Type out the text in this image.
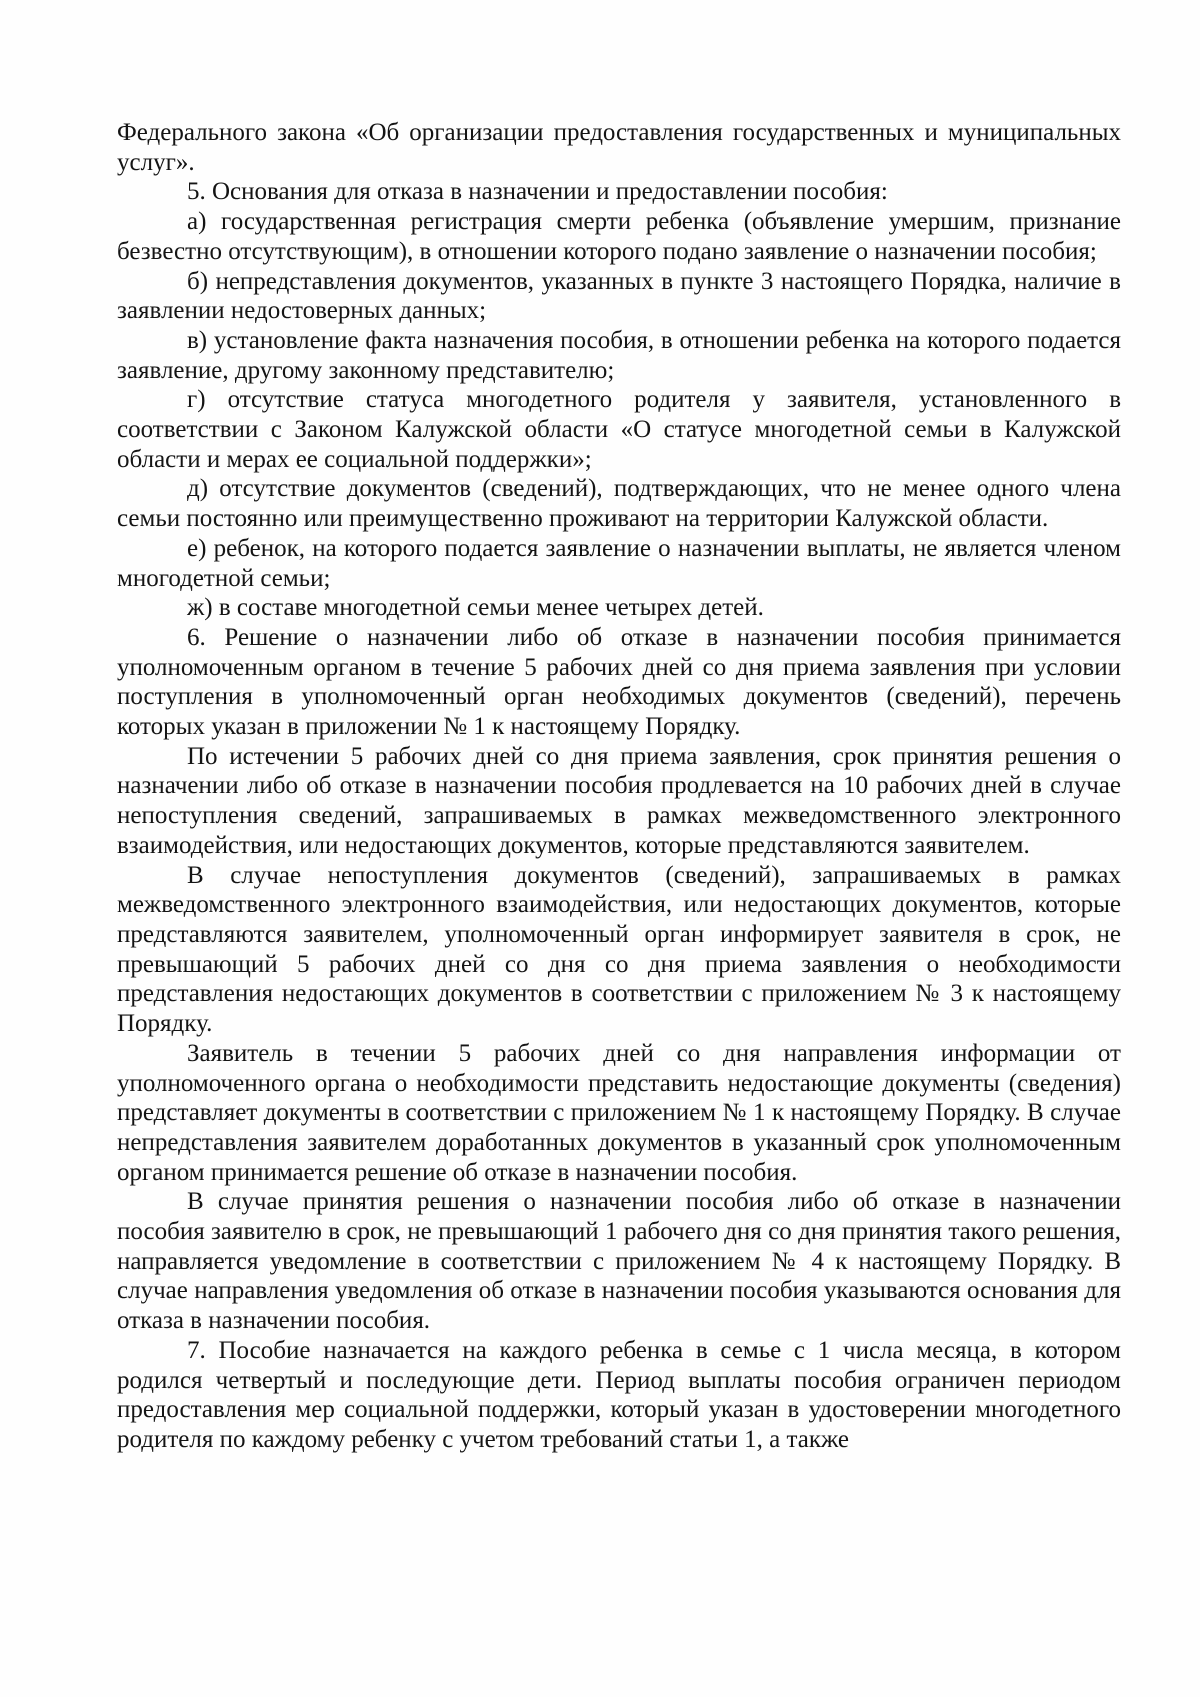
Федерального закона «Об организации предоставления государственных и муниципальных услуг».

5. Основания для отказа в назначении и предоставлении пособия:

а) государственная регистрация смерти ребенка (объявление умершим, признание безвестно отсутствующим), в отношении которого подано заявление о назначении пособия;

б) непредставления документов, указанных в пункте 3 настоящего Порядка, наличие в заявлении недостоверных данных;

в) установление факта назначения пособия, в отношении ребенка на которого подается заявление, другому законному представителю;

г) отсутствие статуса многодетного родителя у заявителя, установленного в соответствии с Законом Калужской области «О статусе многодетной семьи в Калужской области и мерах ее социальной поддержки»;

д) отсутствие документов (сведений), подтверждающих, что не менее одного члена семьи постоянно или преимущественно проживают на территории Калужской области.

е) ребенок, на которого подается заявление о назначении выплаты, не является членом многодетной семьи;

ж) в составе многодетной семьи менее четырех детей.

6. Решение о назначении либо об отказе в назначении пособия принимается уполномоченным органом в течение 5 рабочих дней со дня приема заявления при условии поступления в уполномоченный орган необходимых документов (сведений), перечень которых указан в приложении № 1 к настоящему Порядку.

По истечении 5 рабочих дней со дня приема заявления, срок принятия решения о назначении либо об отказе в назначении пособия продлевается на 10 рабочих дней в случае непоступления сведений, запрашиваемых в рамках межведомственного электронного взаимодействия, или недостающих документов, которые представляются заявителем.

В случае непоступления документов (сведений), запрашиваемых в рамках межведомственного электронного взаимодействия, или недостающих документов, которые представляются заявителем, уполномоченный орган информирует заявителя в срок, не превышающий 5 рабочих дней со дня со дня приема заявления о необходимости представления недостающих документов в соответствии с приложением № 3 к настоящему Порядку.

Заявитель в течении 5 рабочих дней со дня направления информации от уполномоченного органа о необходимости представить недостающие документы (сведения) представляет документы в соответствии с приложением № 1 к настоящему Порядку. В случае непредставления заявителем доработанных документов в указанный срок уполномоченным органом принимается решение об отказе в назначении пособия.

В случае принятия решения о назначении пособия либо об отказе в назначении пособия заявителю в срок, не превышающий 1 рабочего дня со дня принятия такого решения, направляется уведомление в соответствии с приложением № 4 к настоящему Порядку. В случае направления уведомления об отказе в назначении пособия указываются основания для отказа в назначении пособия.

7. Пособие назначается на каждого ребенка в семье с 1 числа месяца, в котором родился четвертый и последующие дети. Период выплаты пособия ограничен периодом предоставления мер социальной поддержки, который указан в удостоверении многодетного родителя по каждому ребенку с учетом требований статьи 1, а также
